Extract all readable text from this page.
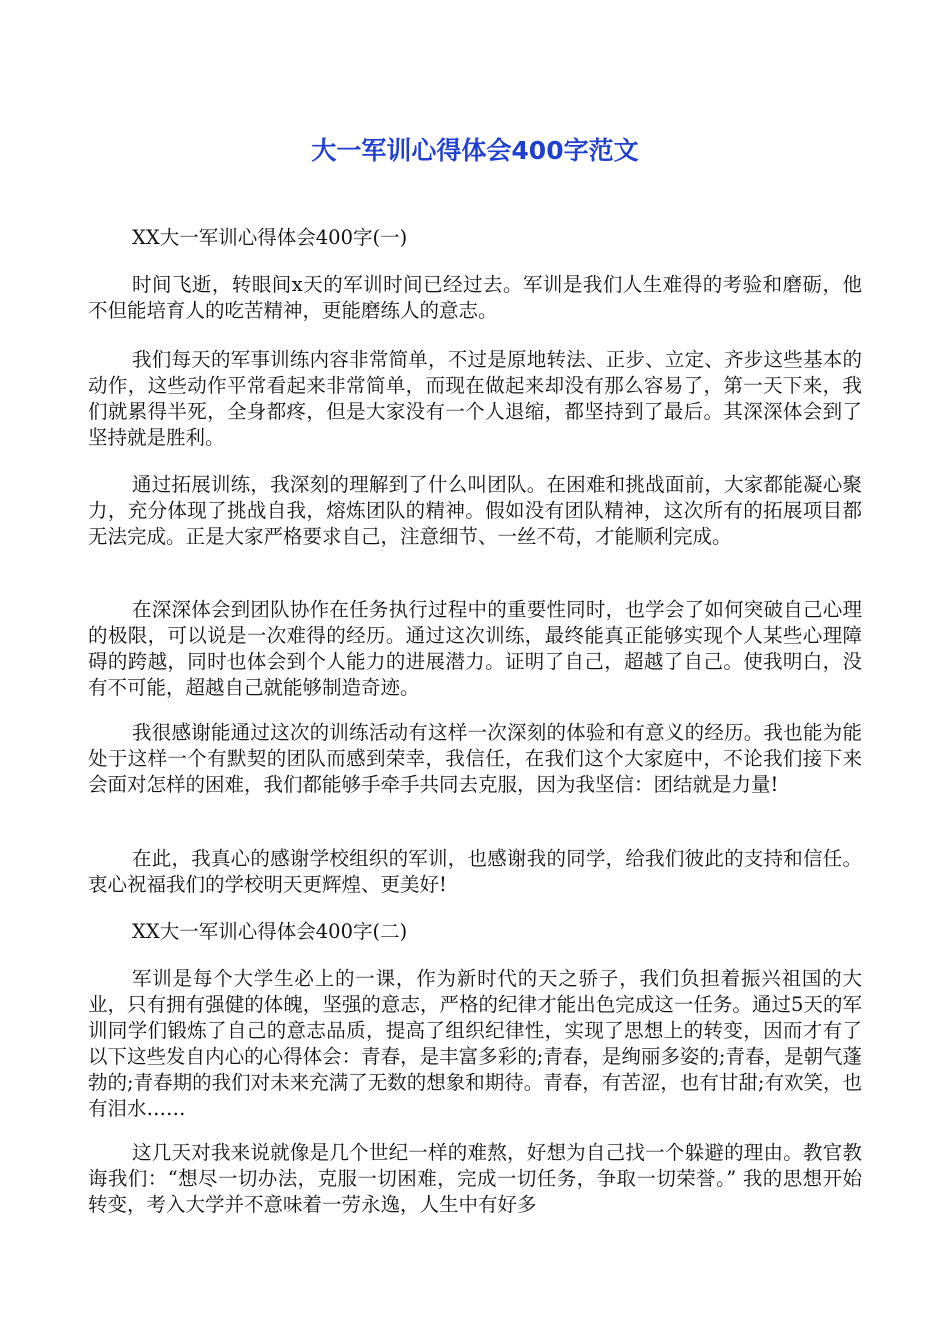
大一军训心得体会400字范文

XX大一军训心得体会400字(一)

时间飞逝，转眼间x天的军训时间已经过去。军训是我们人生难得的考验和磨砺，他不但能培育人的吃苦精神，更能磨练人的意志。

我们每天的军事训练内容非常简单，不过是原地转法、正步、立定、齐步这些基本的动作，这些动作平常看起来非常简单，而现在做起来却没有那么容易了，第一天下来，我们就累得半死，全身都疼，但是大家没有一个人退缩，都坚持到了最后。其深深体会到了坚持就是胜利。

通过拓展训练，我深刻的理解到了什么叫团队。在困难和挑战面前，大家都能凝心聚力，充分体现了挑战自我，熔炼团队的精神。假如没有团队精神，这次所有的拓展项目都无法完成。正是大家严格要求自己，注意细节、一丝不苟，才能顺利完成。

在深深体会到团队协作在任务执行过程中的重要性同时，也学会了如何突破自己心理的极限，可以说是一次难得的经历。通过这次训练，最终能真正能够实现个人某些心理障碍的跨越，同时也体会到个人能力的进展潜力。证明了自己，超越了自己。使我明白，没有不可能，超越自己就能够制造奇迹。

我很感谢能通过这次的训练活动有这样一次深刻的体验和有意义的经历。我也能为能处于这样一个有默契的团队而感到荣幸，我信任，在我们这个大家庭中，不论我们接下来会面对怎样的困难，我们都能够手牵手共同去克服，因为我坚信：团结就是力量!

在此，我真心的感谢学校组织的军训，也感谢我的同学，给我们彼此的支持和信任。衷心祝福我们的学校明天更辉煌、更美好!

XX大一军训心得体会400字(二)

军训是每个大学生必上的一课，作为新时代的天之骄子，我们负担着振兴祖国的大业，只有拥有强健的体魄，坚强的意志，严格的纪律才能出色完成这一任务。通过5天的军训同学们锻炼了自己的意志品质，提高了组织纪律性，实现了思想上的转变，因而才有了以下这些发自内心的心得体会：青春，是丰富多彩的;青春，是绚丽多姿的;青春，是朝气蓬勃的;青春期的我们对未来充满了无数的想象和期待。青春，有苦涩，也有甘甜;有欢笑，也有泪水……

这几天对我来说就像是几个世纪一样的难熬，好想为自己找一个躲避的理由。教官教诲我们：“想尽一切办法，克服一切困难，完成一切任务，争取一切荣誉。” 我的思想开始转变，考入大学并不意味着一劳永逸，人生中有好多
